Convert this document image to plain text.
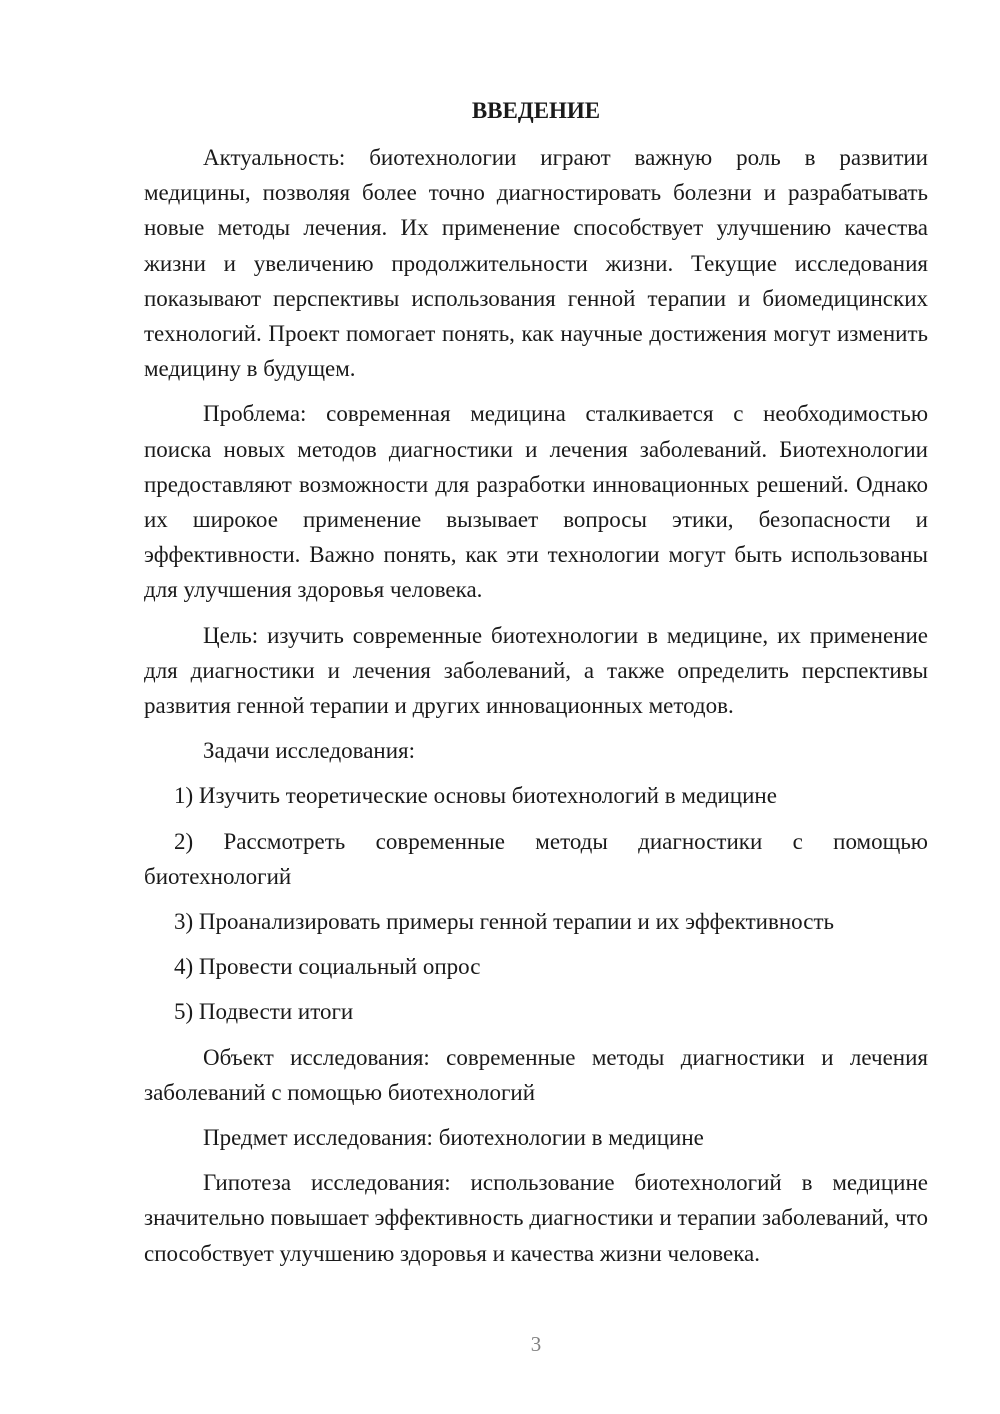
ВВЕДЕНИЕ

Актуальность: биотехнологии играют важную роль в развитии медицины, позволяя более точно диагностировать болезни и разрабатывать новые методы лечения. Их применение способствует улучшению качества жизни и увеличению продолжительности жизни. Текущие исследования показывают перспективы использования генной терапии и биомедицинских технологий. Проект помогает понять, как научные достижения могут изменить медицину в будущем.

Проблема: современная медицина сталкивается с необходимостью поиска новых методов диагностики и лечения заболеваний. Биотехнологии предоставляют возможности для разработки инновационных решений. Однако их широкое применение вызывает вопросы этики, безопасности и эффективности. Важно понять, как эти технологии могут быть использованы для улучшения здоровья человека.

Цель: изучить современные биотехнологии в медицине, их применение для диагностики и лечения заболеваний, а также определить перспективы развития генной терапии и других инновационных методов.

Задачи исследования:

1) Изучить теоретические основы биотехнологий в медицине

2) Рассмотреть современные методы диагностики с помощью биотехнологий

3) Проанализировать примеры генной терапии и их эффективность

4) Провести социальный опрос

5) Подвести итоги

Объект исследования: современные методы диагностики и лечения заболеваний с помощью биотехнологий

Предмет исследования: биотехнологии в медицине

Гипотеза исследования: использование биотехнологий в медицине значительно повышает эффективность диагностики и терапии заболеваний, что способствует улучшению здоровья и качества жизни человека.

3
